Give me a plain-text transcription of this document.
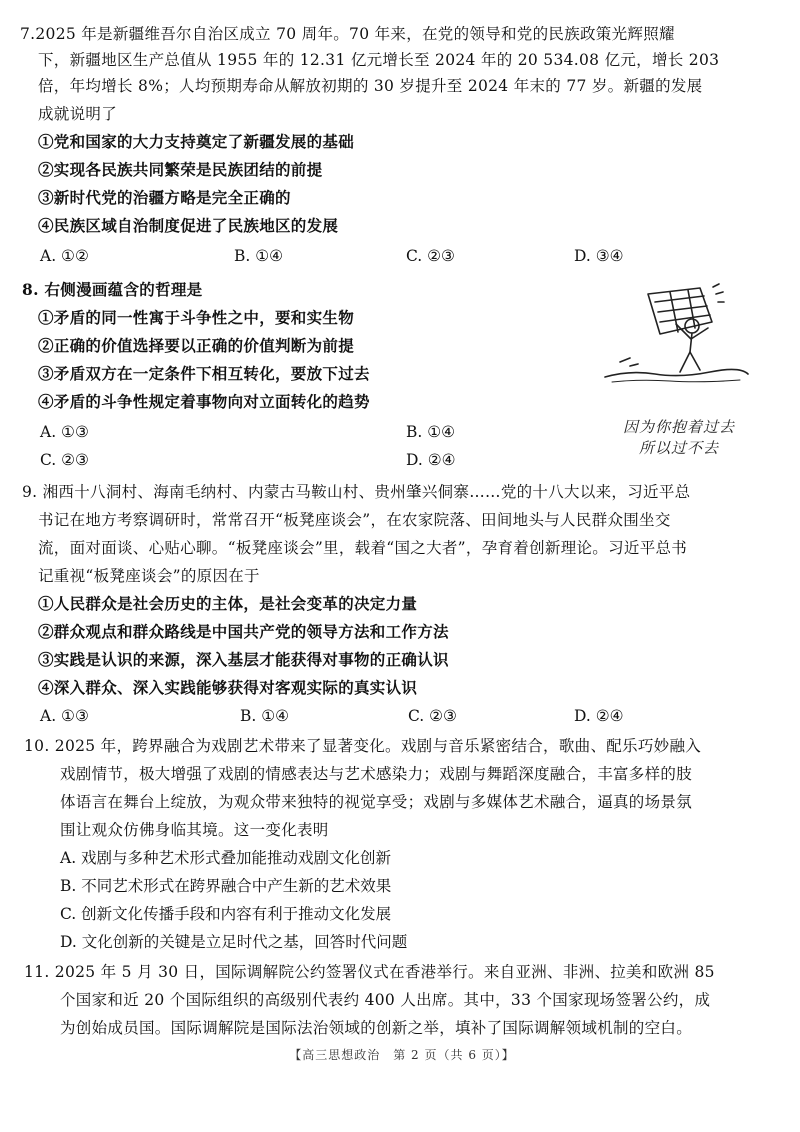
7.2025 年是新疆维吾尔自治区成立 70 周年。70 年来，在党的领导和党的民族政策光辉照耀
下，新疆地区生产总值从 1955 年的 12.31 亿元增长至 2024 年的 20 534.08 亿元，增长 203
倍，年均增长 8%；人均预期寿命从解放初期的 30 岁提升至 2024 年末的 77 岁。新疆的发展
成就说明了
①党和国家的大力支持奠定了新疆发展的基础
②实现各民族共同繁荣是民族团结的前提
③新时代党的治疆方略是完全正确的
④民族区域自治制度促进了民族地区的发展
A. ①②	B. ①④	C. ②③	D. ③④
8. 右侧漫画蕴含的哲理是
①矛盾的同一性寓于斗争性之中，要和实生物
②正确的价值选择要以正确的价值判断为前提
③矛盾双方在一定条件下相互转化，要放下过去
④矛盾的斗争性规定着事物向对立面转化的趋势
A. ①③	B. ①④
C. ②③	D. ②④
因为你抱着过去
所以过不去
9. 湘西十八洞村、海南毛纳村、内蒙古马鞍山村、贵州肇兴侗寨……党的十八大以来，习近平总
书记在地方考察调研时，常常召开“板凳座谈会”，在农家院落、田间地头与人民群众围坐交
流，面对面谈、心贴心聊。“板凳座谈会”里，载着“国之大者”，孕育着创新理论。习近平总书
记重视“板凳座谈会”的原因在于
①人民群众是社会历史的主体，是社会变革的决定力量
②群众观点和群众路线是中国共产党的领导方法和工作方法
③实践是认识的来源，深入基层才能获得对事物的正确认识
④深入群众、深入实践能够获得对客观实际的真实认识
A. ①③	B. ①④	C. ②③	D. ②④
10. 2025 年，跨界融合为戏剧艺术带来了显著变化。戏剧与音乐紧密结合，歌曲、配乐巧妙融入
戏剧情节，极大增强了戏剧的情感表达与艺术感染力；戏剧与舞蹈深度融合，丰富多样的肢
体语言在舞台上绽放，为观众带来独特的视觉享受；戏剧与多媒体艺术融合，逼真的场景氛
围让观众仿佛身临其境。这一变化表明
A. 戏剧与多种艺术形式叠加能推动戏剧文化创新
B. 不同艺术形式在跨界融合中产生新的艺术效果
C. 创新文化传播手段和内容有利于推动文化发展
D. 文化创新的关键是立足时代之基，回答时代问题
11. 2025 年 5 月 30 日，国际调解院公约签署仪式在香港举行。来自亚洲、非洲、拉美和欧洲 85
个国家和近 20 个国际组织的高级别代表约 400 人出席。其中，33 个国家现场签署公约，成
为创始成员国。国际调解院是国际法治领域的创新之举，填补了国际调解领域机制的空白。
【高三思想政治　第 2 页（共 6 页）】
